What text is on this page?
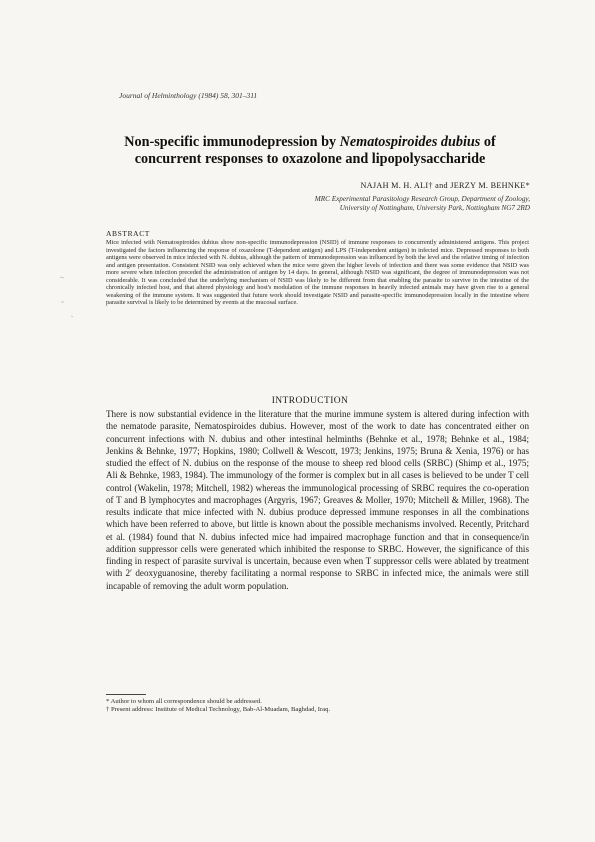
Journal of Helminthology (1984) 58, 301–311
Non-specific immunodepression by Nematospiroides dubius of concurrent responses to oxazolone and lipopolysaccharide
NAJAH M. H. ALI† and JERZY M. BEHNKE*
MRC Experimental Parasitology Research Group, Department of Zoology,
University of Nottingham, University Park, Nottingham NG7 2RD
ABSTRACT
Mice infected with Nematospiroides dubius show non-specific immunodepression (NSID) of immune responses to concurrently administered antigens. This project investigated the factors influencing the response of oxazolone (T-dependent antigen) and LPS (T-independent antigen) in infected mice. Depressed responses to both antigens were observed in mice infected with N. dubius, although the pattern of immunodepression was influenced by both the level and the relative timing of infection and antigen presentation. Consistent NSID was only achieved when the mice were given the higher levels of infection and there was some evidence that NSID was more severe when infection preceded the administration of antigen by 14 days. In general, although NSID was significant, the degree of immunodepression was not considerable. It was concluded that the underlying mechanism of NSID was likely to be different from that enabling the parasite to survive in the intestine of the chronically infected host, and that altered physiology and host's modulation of the immune responses in heavily infected animals may have given rise to a general weakening of the immune system. It was suggested that future work should investigate NSID and parasite-specific immunodepression locally in the intestine where parasite survival is likely to be determined by events at the mucosal surface.
INTRODUCTION
There is now substantial evidence in the literature that the murine immune system is altered during infection with the nematode parasite, Nematospiroides dubius. However, most of the work to date has concentrated either on concurrent infections with N. dubius and other intestinal helminths (Behnke et al., 1978; Behnke et al., 1984; Jenkins & Behnke, 1977; Hopkins, 1980; Collwell & Wescott, 1973; Jenkins, 1975; Bruna & Xenia, 1976) or has studied the effect of N. dubius on the response of the mouse to sheep red blood cells (SRBC) (Shimp et al., 1975; Ali & Behnke, 1983, 1984). The immunology of the former is complex but in all cases is believed to be under T cell control (Wakelin, 1978; Mitchell, 1982) whereas the immunological processing of SRBC requires the co-operation of T and B lymphocytes and macrophages (Argyris, 1967; Greaves & Moller, 1970; Mitchell & Miller, 1968). The results indicate that mice infected with N. dubius produce depressed immune responses in all the combinations which have been referred to above, but little is known about the possible mechanisms involved. Recently, Pritchard et al. (1984) found that N. dubius infected mice had impaired macrophage function and that in consequence/in addition suppressor cells were generated which inhibited the response to SRBC. However, the significance of this finding in respect of parasite survival is uncertain, because even when T suppressor cells were ablated by treatment with 2′ deoxyguanosine, thereby facilitating a normal response to SRBC in infected mice, the animals were still incapable of removing the adult worm population.
* Author to whom all correspondence should be addressed.
† Present address: Institute of Medical Technology, Bab-Al-Muadam, Baghdad, Iraq.
